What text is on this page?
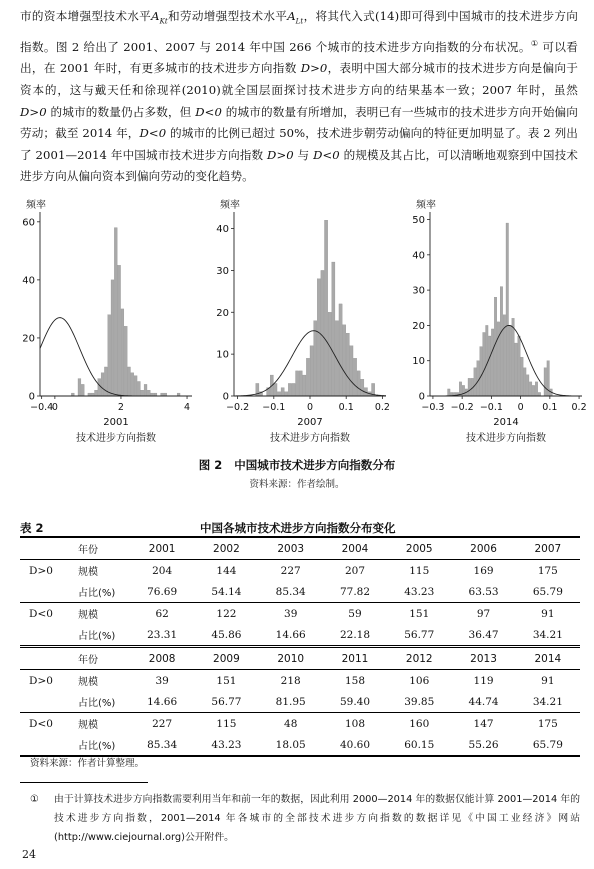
市的资本增强型技术水平$A_{Kt}$和劳动增强型技术水平$A_{Lt}$，将其代入式(14)即可得到中国城市的技术进步方向指数。图 2 给出了 2001、2007 与 2014 年中国 266 个城市的技术进步方向指数的分布状况。① 可以看出，在 2001 年时，有更多城市的技术进步方向指数 D>0，表明中国大部分城市的技术进步方向是偏向于资本的，这与戴天任和徐现祥(2010)就全国层面探讨技术进步方向的结果基本一致；2007 年时，虽然 D>0 的城市的数量仍占多数，但 D<0 的城市的数量有所增加，表明已有一些城市的技术进步方向开始偏向劳动；截至 2014 年，D<0 的城市的比例已超过 50%，技术进步朝劳动偏向的特征更加明显了。表 2 列出了 2001—2014 年中国城市技术进步方向指数 D>0 与 D<0 的规模及其占比，可以清晰地观察到中国技术进步方向从偏向资本到偏向劳动的变化趋势。
频率
0
20
40
60
−0.4
0	2	4
2001
技术进步方向指数
频率
0
10
20
30
40
−0.2 −0.1 0	0.1 0.2
2007
技术进步方向指数
频率
0
10
20
30
40
50
−0.3 −0.2 −0.1 0 0.1 0.2
2014
技术进步方向指数
图 2 中国城市技术进步方向指数分布
资料来源：作者绘制。
表 2	中国各城市技术进步方向指数分布变化
	年份	2001	2002	2003	2004	2005	2006	2007
D>0	规模	204	144	227	207	115	169	175
	占比(%)	76.69	54.14	85.34	77.82	43.23	63.53	65.79
D<0	规模	62	122	39	59	151	97	91
	占比(%)	23.31	45.86	14.66	22.18	56.77	36.47	34.21
	年份	2008	2009	2010	2011	2012	2013	2014
D>0	规模	39	151	218	158	106	119	91
	占比(%)	14.66	56.77	81.95	59.40	39.85	44.74	34.21
D<0	规模	227	115	48	108	160	147	175
	占比(%)	85.34	43.23	18.05	40.60	60.15	55.26	65.79
资料来源：作者计算整理。
① 由于计算技术进步方向指数需要利用当年和前一年的数据，因此利用 2000—2014 年的数据仅能计算 2001—2014 年的技术进步方向指数，2001—2014 年各城市的全部技术进步方向指数的数据详见《中国工业经济》网站(http://www.ciejournal.org)公开附件。
24
